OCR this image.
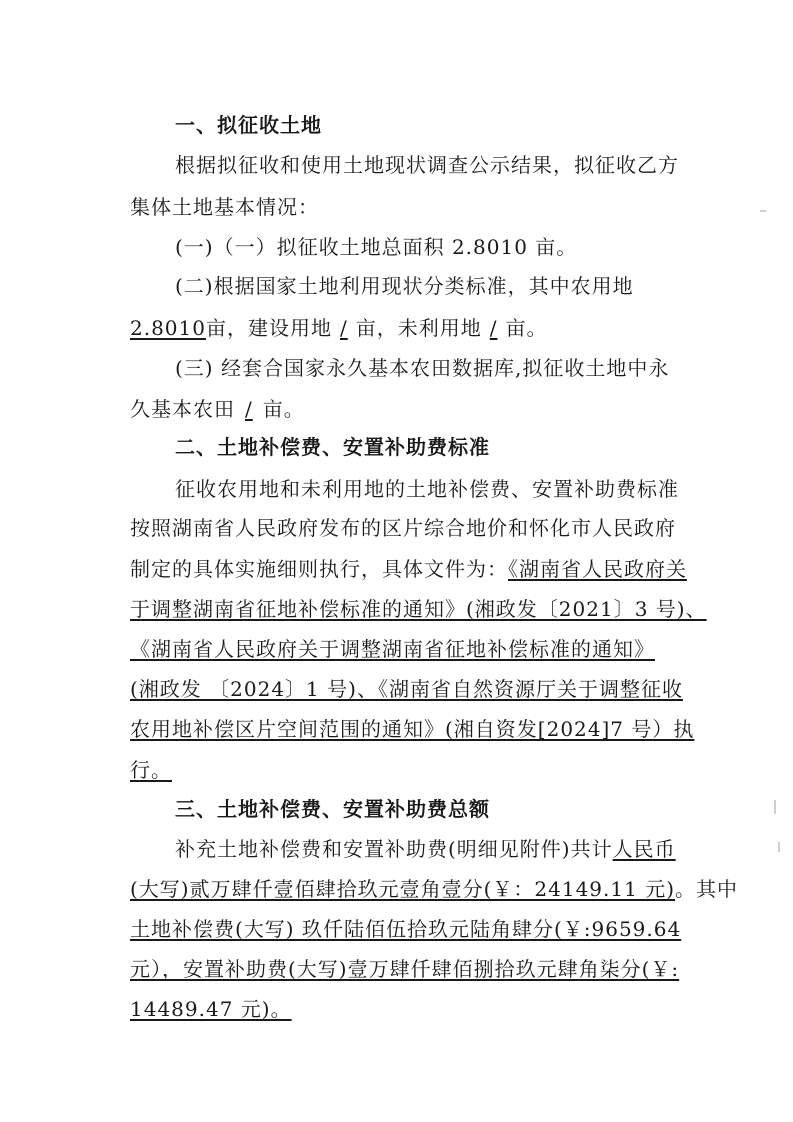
一、拟征收土地
根据拟征收和使用土地现状调查公示结果，拟征收乙方
集体土地基本情况：
(一)（一）拟征收土地总面积 2.8010 亩。
(二)根据国家土地利用现状分类标准，其中农用地
2.8010亩，建设用地 / 亩，未利用地 / 亩。
(三) 经套合国家永久基本农田数据库,拟征收土地中永
久基本农田 / 亩。
二、土地补偿费、安置补助费标准
征收农用地和未利用地的土地补偿费、安置补助费标准
按照湖南省人民政府发布的区片综合地价和怀化市人民政府
制定的具体实施细则执行，具体文件为：《湖南省人民政府关
于调整湖南省征地补偿标准的通知》(湘政发〔2021〕3 号)、
《湖南省人民政府关于调整湖南省征地补偿标准的通知》
(湘政发 〔2024〕1 号)、《湖南省自然资源厅关于调整征收
农用地补偿区片空间范围的通知》(湘自资发[2024]7 号）执
行。
三、土地补偿费、安置补助费总额
补充土地补偿费和安置补助费(明细见附件)共计人民币
(大写)贰万肆仟壹佰肆拾玖元壹角壹分(￥：24149.11 元)。其中
土地补偿费(大写) 玖仟陆佰伍拾玖元陆角肆分(￥:9659.64
元），安置补助费(大写)壹万肆仟肆佰捌拾玖元肆角柒分(￥:
14489.47 元)。
